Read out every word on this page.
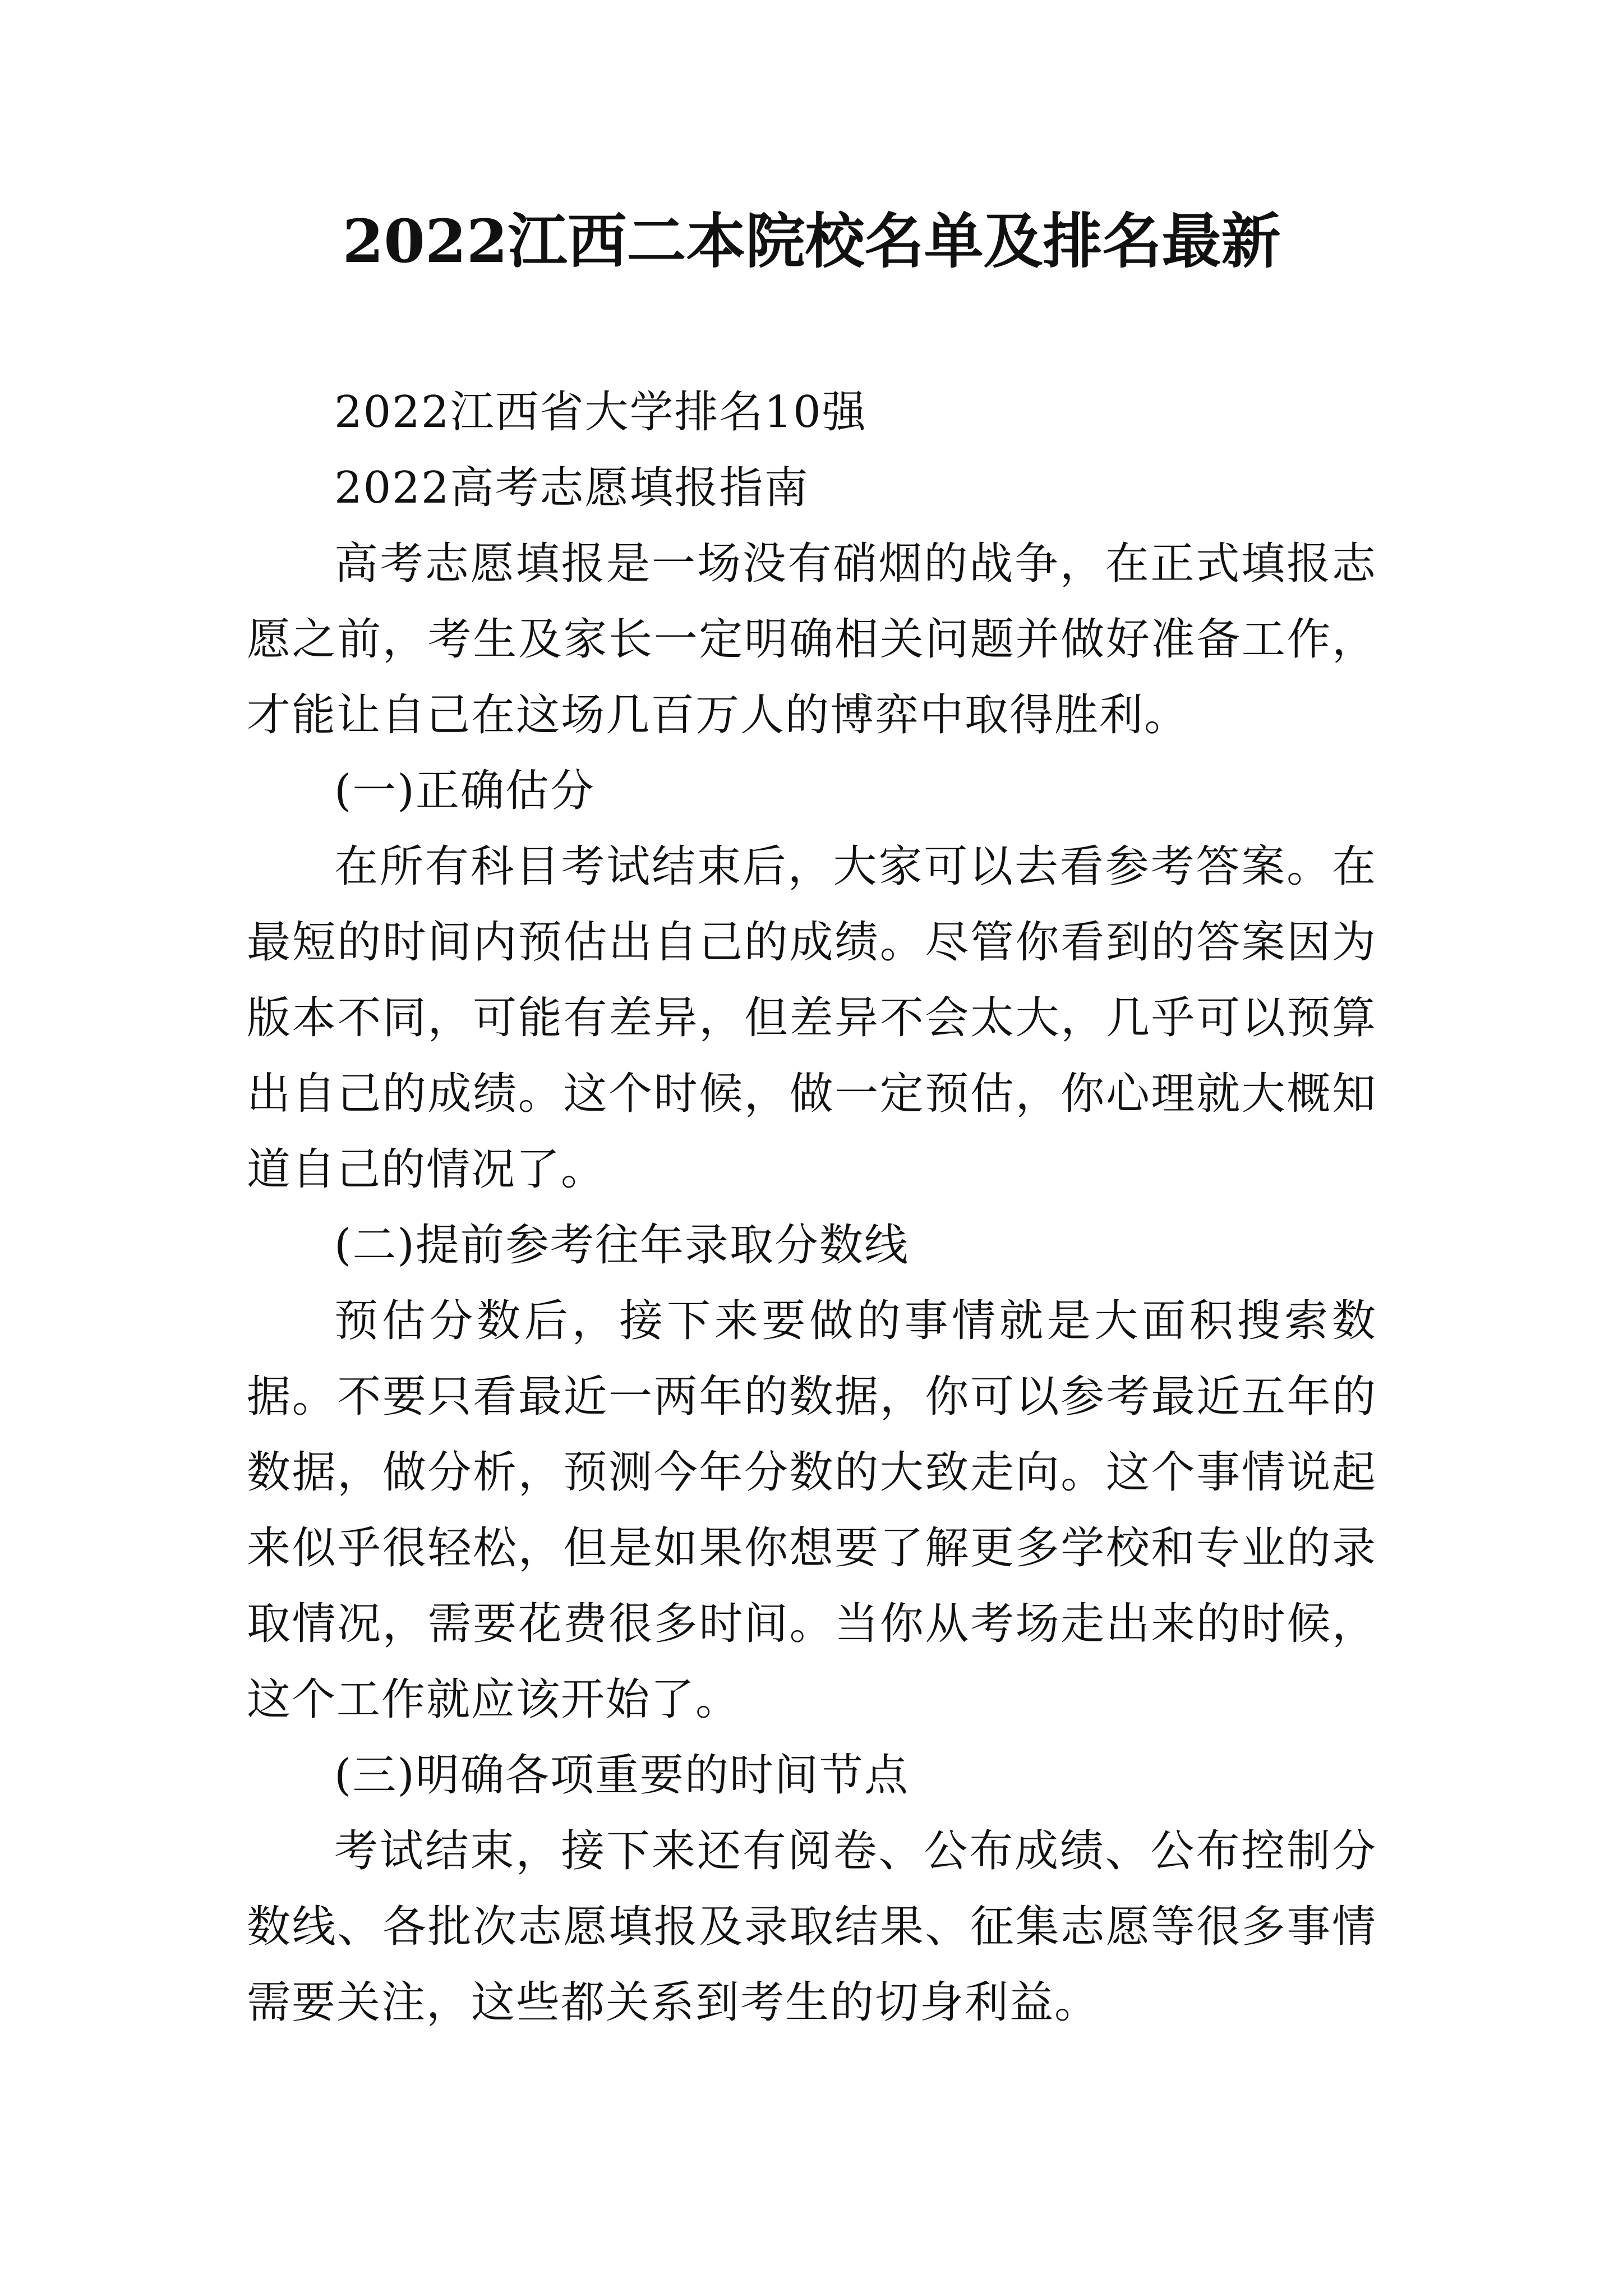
2022江西二本院校名单及排名最新

2022江西省大学排名10强

2022高考志愿填报指南

高考志愿填报是一场没有硝烟的战争，在正式填报志愿之前，考生及家长一定明确相关问题并做好准备工作，才能让自己在这场几百万人的博弈中取得胜利。

(一)正确估分

在所有科目考试结束后，大家可以去看参考答案。在最短的时间内预估出自己的成绩。尽管你看到的答案因为版本不同，可能有差异，但差异不会太大，几乎可以预算出自己的成绩。这个时候，做一定预估，你心理就大概知道自己的情况了。

(二)提前参考往年录取分数线

预估分数后，接下来要做的事情就是大面积搜索数据。不要只看最近一两年的数据，你可以参考最近五年的数据，做分析，预测今年分数的大致走向。这个事情说起来似乎很轻松，但是如果你想要了解更多学校和专业的录取情况，需要花费很多时间。当你从考场走出来的时候，这个工作就应该开始了。

(三)明确各项重要的时间节点

考试结束，接下来还有阅卷、公布成绩、公布控制分数线、各批次志愿填报及录取结果、征集志愿等很多事情需要关注，这些都关系到考生的切身利益。
